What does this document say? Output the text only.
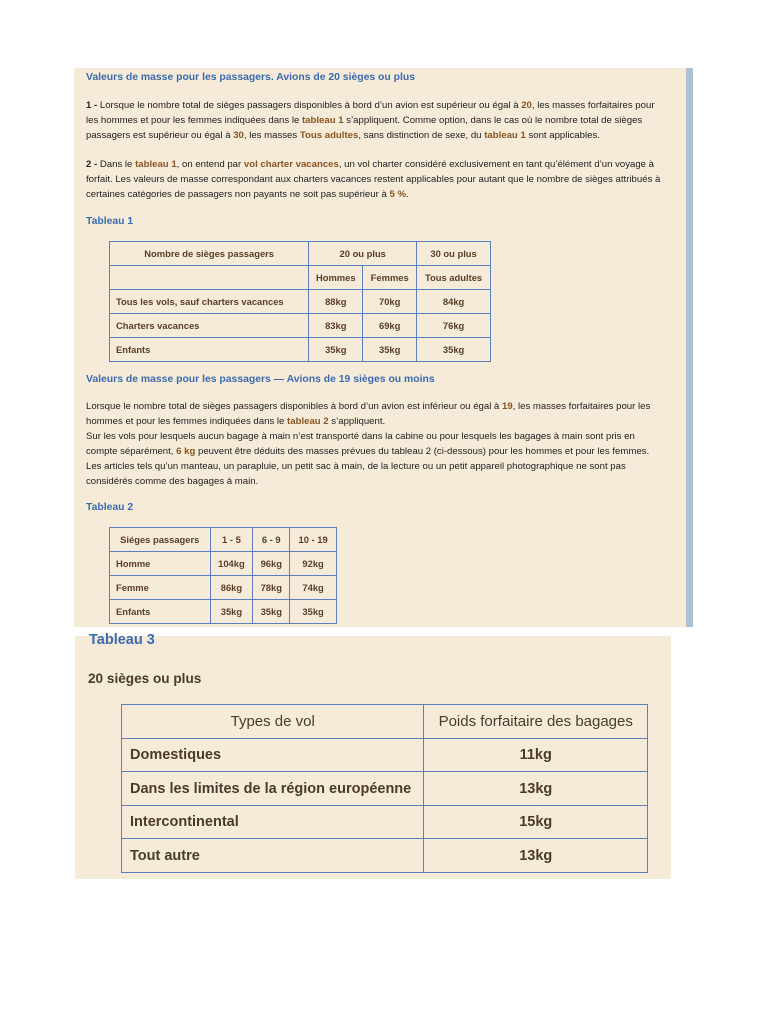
Valeurs de masse pour les passagers. Avions de 20 sièges ou plus
1 - Lorsque le nombre total de sièges passagers disponibles à bord d’un avion est supérieur ou égal à 20, les masses forfaitaires pour les hommes et pour les femmes indiquées dans le tableau 1 s’appliquent. Comme option, dans le cas où le nombre total de sièges passagers est supérieur ou égal à 30, les masses Tous adultes, sans distinction de sexe, du tableau 1 sont applicables.
2 - Dans le tableau 1, on entend par vol charter vacances, un vol charter considéré exclusivement en tant qu’élément d’un voyage à forfait. Les valeurs de masse correspondant aux charters vacances restent applicables pour autant que le nombre de sièges attribués à certaines catégories de passagers non payants ne soit pas supérieur à 5 %.
Tableau 1
Nombre de sièges passagers	20 ou plus		30 ou plus
	Hommes	Femmes	Tous adultes
Tous les vols, sauf charters vacances	88kg	70kg	84kg
Charters vacances	83kg	69kg	76kg
Enfants	35kg	35kg	35kg
Valeurs de masse pour les passagers — Avions de 19 sièges ou moins
Lorsque le nombre total de sièges passagers disponibles à bord d’un avion est inférieur ou égal à 19, les masses forfaitaires pour les hommes et pour les femmes indiquées dans le tableau 2 s’appliquent.
Sur les vols pour lesquels aucun bagage à main n’est transporté dans la cabine ou pour lesquels les bagages à main sont pris en compte séparément, 6 kg peuvent être déduits des masses prévues du tableau 2 (ci-dessous) pour les hommes et pour les femmes. Les articles tels qu’un manteau, un parapluie, un petit sac à main, de la lecture ou un petit appareil photographique ne sont pas considérés comme des bagages à main.
Tableau 2
Siéges passagers	1 - 5	6 - 9	10 - 19
Homme	104kg	96kg	92kg
Femme	86kg	78kg	74kg
Enfants	35kg	35kg	35kg
Tableau 3
20 sièges ou plus
Types de vol	Poids forfaitaire des bagages
Domestiques	11kg
Dans les limites de la région européenne	13kg
Intercontinental	15kg
Tout autre	13kg
